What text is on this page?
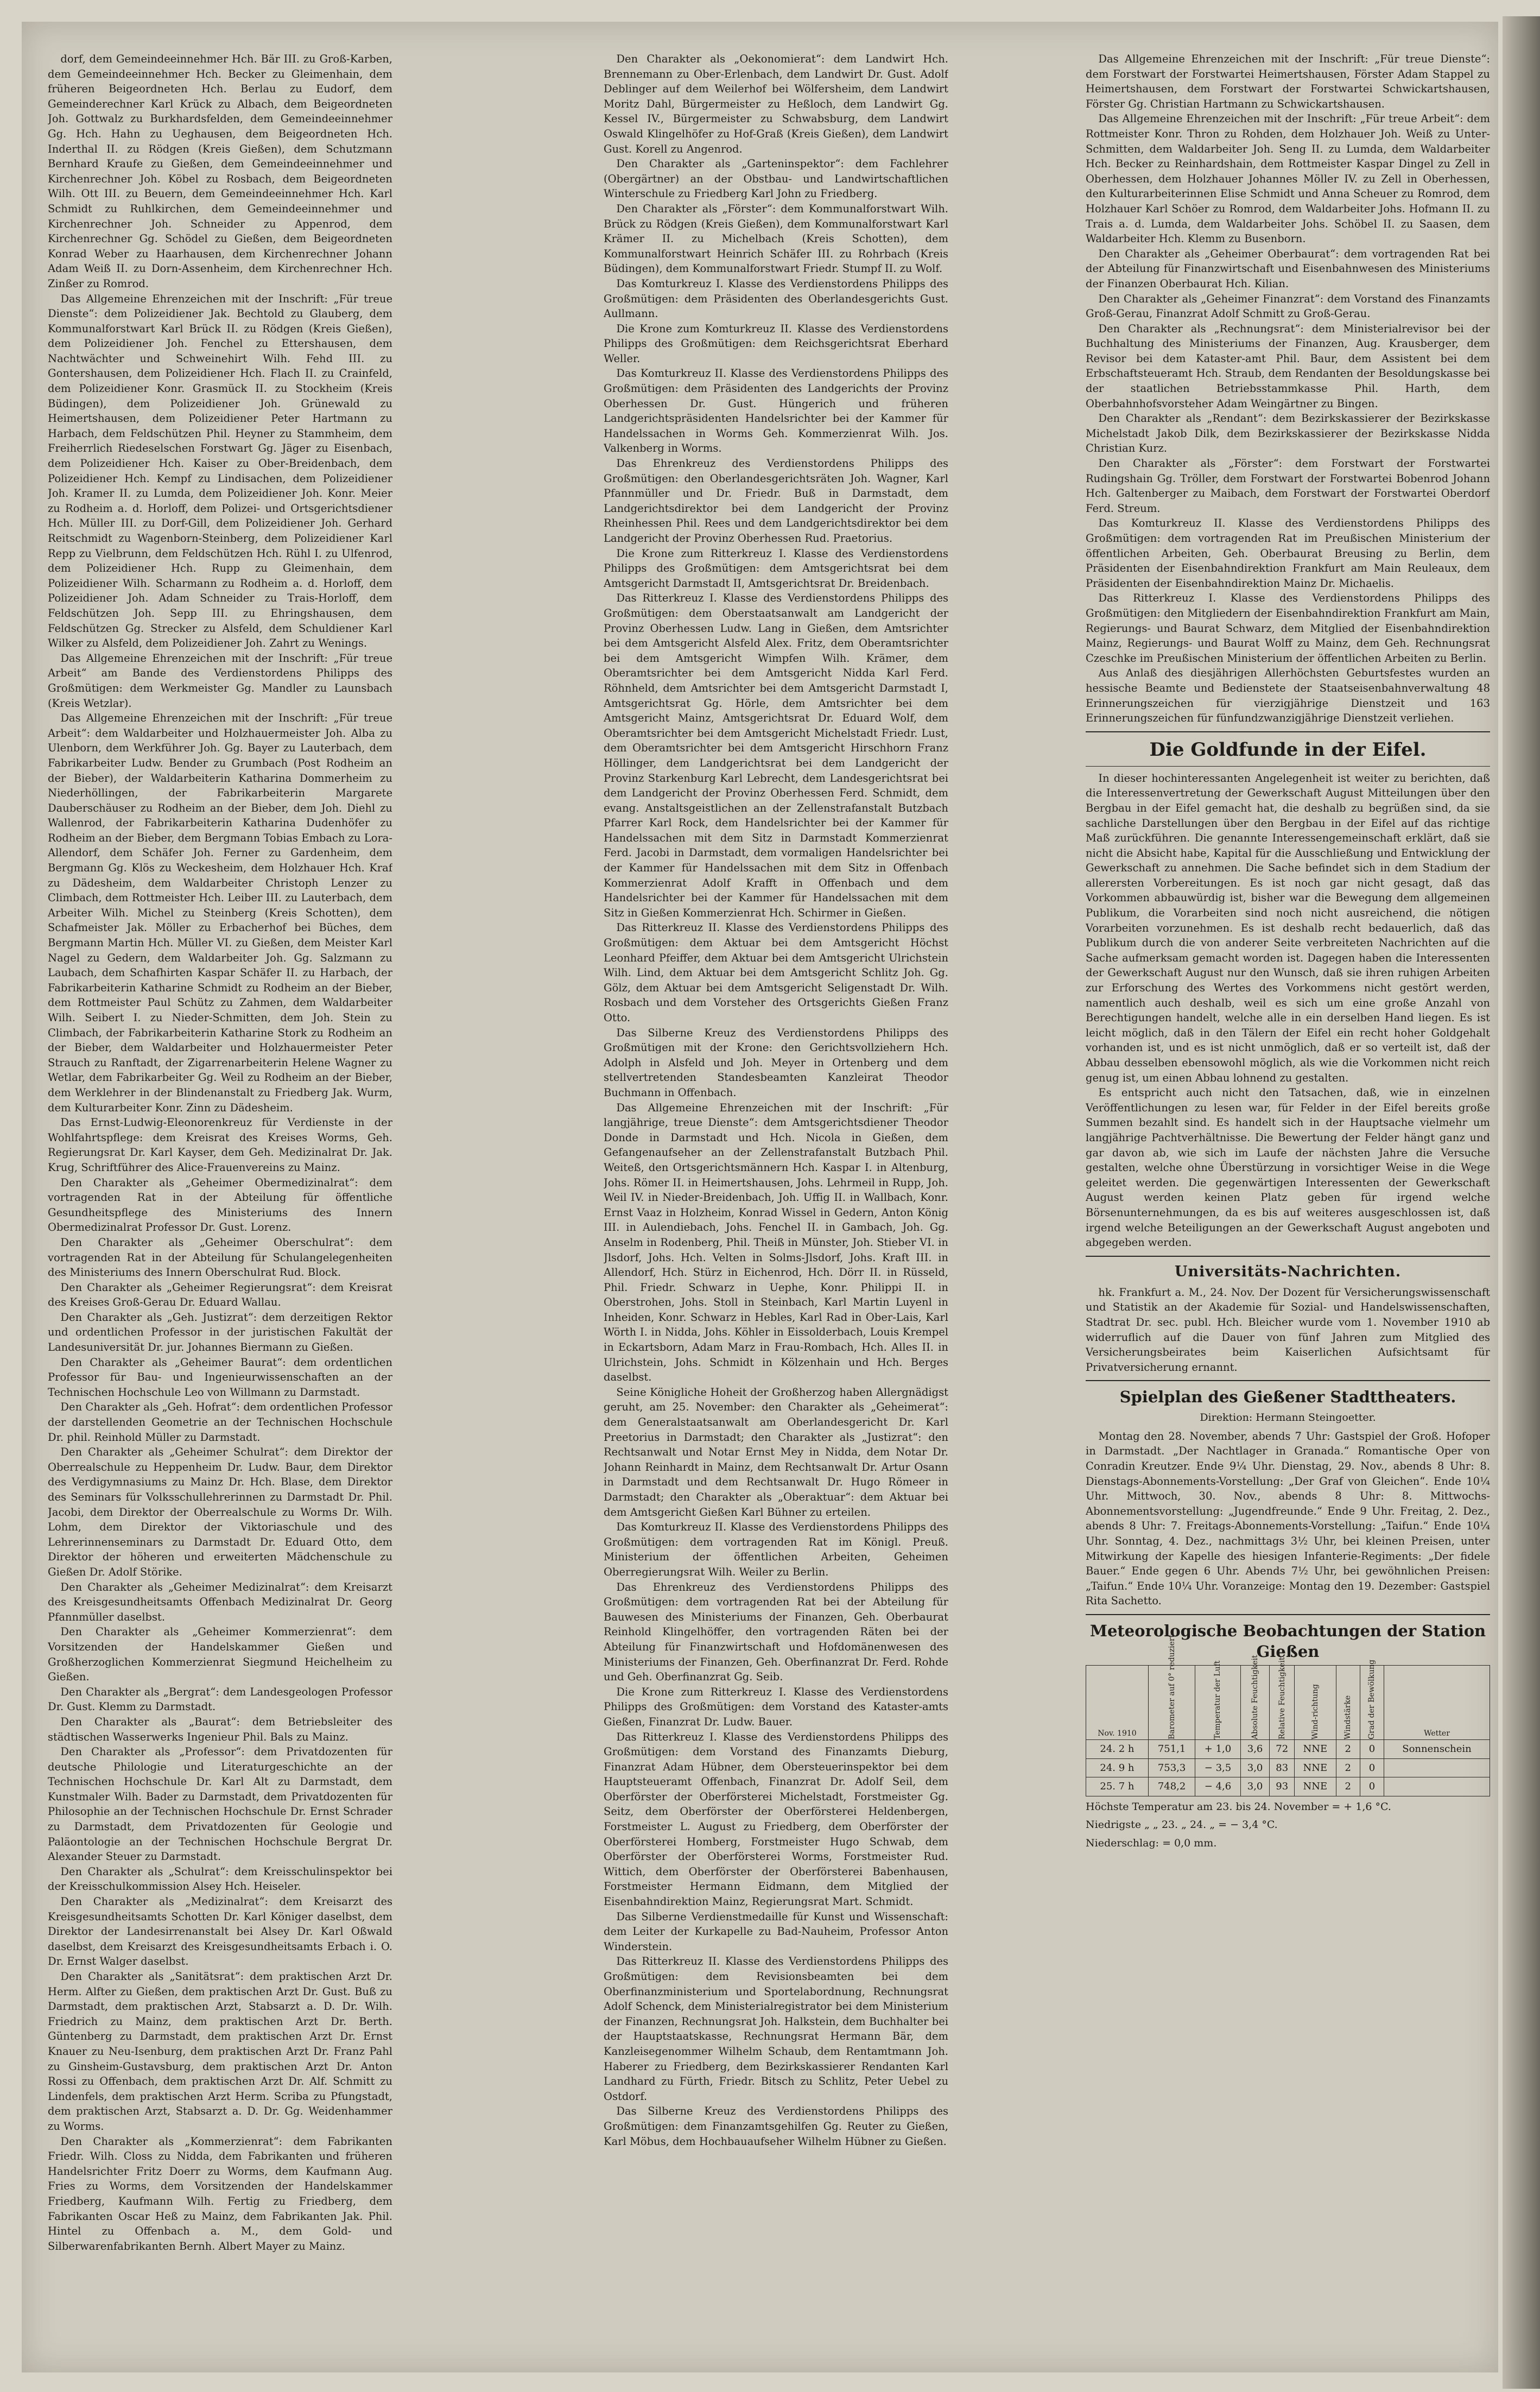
dorf, dem Gemeindeeinnehmer Hch. Bär III. zu Groß-Karben, dem Gemeindeeinnehmer Hch. Becker zu Gleimenhain, dem früheren Beigeordneten Hch. Berlau zu Eudorf, dem Gemeinderechner Karl Krück zu Albach, dem Beigeordneten Joh. Gottwalz zu Burkhardsfelden, dem Gemeindeeinnehmer Gg. Hch. Hahn zu Ueghausen, dem Beigeordneten Hch. Inderthal II. zu Rödgen (Kreis Gießen), dem Schutzmann Bernhard Kraufe zu Gießen, dem Gemeindeeinnehmer und Kirchenrechner Joh. Köbel zu Rosbach, dem Beigeordneten Wilh. Ott III. zu Beuern, dem Gemeindeeinnehmer Hch. Karl Schmidt zu Ruhlkirchen, dem Gemeindeeinnehmer und Kirchenrechner Joh. Schneider zu Appenrod, dem Kirchenrechner Gg. Schödel zu Gießen, dem Beigeordneten Konrad Weber zu Haarhausen, dem Kirchenrechner Johann Adam Weiß II. zu Dorn-Assenheim, dem Kirchenrechner Hch. Zinßer zu Romrod.

Das Allgemeine Ehrenzeichen mit der Inschrift: „Für treue Dienste“: dem Polizeidiener Jak. Bechtold zu Glauberg, dem Kommunalforstwart Karl Brück II. zu Rödgen (Kreis Gießen), dem Polizeidiener Joh. Fenchel zu Ettershausen, dem Nachtwächter und Schweinehirt Wilh. Fehd III. zu Gontershausen, dem Polizeidiener Hch. Flach II. zu Crainfeld, dem Polizeidiener Konr. Grasmück II. zu Stockheim (Kreis Büdingen), dem Polizeidiener Joh. Grünewald zu Heimertshausen, dem Polizeidiener Peter Hartmann zu Harbach, dem Feldschützen Phil. Heyner zu Stammheim, dem Freiherrlich Riedeselschen Forstwart Gg. Jäger zu Eisenbach, dem Polizeidiener Hch. Kaiser zu Ober-Breidenbach, dem Polizeidiener Hch. Kempf zu Lindisachen, dem Polizeidiener Joh. Kramer II. zu Lumda, dem Polizeidiener Joh. Konr. Meier zu Rodheim a. d. Horloff, dem Polizei- und Ortsgerichtsdiener Hch. Müller III. zu Dorf-Gill, dem Polizeidiener Joh. Gerhard Reitschmidt zu Wagenborn-Steinberg, dem Polizeidiener Karl Repp zu Vielbrunn, dem Feldschützen Hch. Rühl I. zu Ulfenrod, dem Polizeidiener Hch. Rupp zu Gleimenhain, dem Polizeidiener Wilh. Scharmann zu Rodheim a. d. Horloff, dem Polizeidiener Joh. Adam Schneider zu Trais-Horloff, dem Feldschützen Joh. Sepp III. zu Ehringshausen, dem Feldschützen Gg. Strecker zu Alsfeld, dem Schuldiener Karl Wilker zu Alsfeld, dem Polizeidiener Joh. Zahrt zu Wenings.

Das Allgemeine Ehrenzeichen mit der Inschrift: „Für treue Arbeit“ am Bande des Verdienstordens Philipps des Großmütigen: dem Werkmeister Gg. Mandler zu Launsbach (Kreis Wetzlar).

Das Allgemeine Ehrenzeichen mit der Inschrift: „Für treue Arbeit“: dem Waldarbeiter und Holzhauermeister Joh. Alba zu Ulenborn, dem Werkführer Joh. Gg. Bayer zu Lauterbach, dem Fabrikarbeiter Ludw. Bender zu Grumbach (Post Rodheim an der Bieber), der Waldarbeiterin Katharina Dommerheim zu Niederhöllingen, der Fabrikarbeiterin Margarete Dauberschäuser zu Rodheim an der Bieber, dem Joh. Diehl zu Wallenrod, der Fabrikarbeiterin Katharina Dudenhöfer zu Rodheim an der Bieber, dem Bergmann Tobias Embach zu Lora-Allendorf, dem Schäfer Joh. Ferner zu Gardenheim, dem Bergmann Gg. Klös zu Weckesheim, dem Holzhauer Hch. Kraf zu Dädesheim, dem Waldarbeiter Christoph Lenzer zu Climbach, dem Rottmeister Hch. Leiber III. zu Lauterbach, dem Arbeiter Wilh. Michel zu Steinberg (Kreis Schotten), dem Schafmeister Jak. Möller zu Erbacherhof bei Büches, dem Bergmann Martin Hch. Müller VI. zu Gießen, dem Meister Karl Nagel zu Gedern, dem Waldarbeiter Joh. Gg. Salzmann zu Laubach, dem Schafhirten Kaspar Schäfer II. zu Harbach, der Fabrikarbeiterin Katharine Schmidt zu Rodheim an der Bieber, dem Rottmeister Paul Schütz zu Zahmen, dem Waldarbeiter Wilh. Seibert I. zu Nieder-Schmitten, dem Joh. Stein zu Climbach, der Fabrikarbeiterin Katharine Stork zu Rodheim an der Bieber, dem Waldarbeiter und Holzhauermeister Peter Strauch zu Ranftadt, der Zigarrenarbeiterin Helene Wagner zu Wetlar, dem Fabrikarbeiter Gg. Weil zu Rodheim an der Bieber, dem Werklehrer in der Blindenanstalt zu Friedberg Jak. Wurm, dem Kulturarbeiter Konr. Zinn zu Dädesheim.

Das Ernst-Ludwig-Eleonorenkreuz für Verdienste in der Wohlfahrtspflege: dem Kreisrat des Kreises Worms, Geh. Regierungsrat Dr. Karl Kayser, dem Geh. Medizinalrat Dr. Jak. Krug, Schriftführer des Alice-Frauenvereins zu Mainz.

Den Charakter als „Geheimer Obermedizinalrat“: dem vortragenden Rat in der Abteilung für öffentliche Gesundheitspflege des Ministeriums des Innern Obermedizinalrat Professor Dr. Gust. Lorenz.

Den Charakter als „Geheimer Oberschulrat“: dem vortragenden Rat in der Abteilung für Schulangelegenheiten des Ministeriums des Innern Oberschulrat Rud. Block.

Den Charakter als „Geheimer Regierungsrat“: dem Kreisrat des Kreises Groß-Gerau Dr. Eduard Wallau.

Den Charakter als „Geh. Justizrat“: dem derzeitigen Rektor und ordentlichen Professor in der juristischen Fakultät der Landesuniversität Dr. jur. Johannes Biermann zu Gießen.

Den Charakter als „Geheimer Baurat“: dem ordentlichen Professor für Bau- und Ingenieurwissenschaften an der Technischen Hochschule Leo von Willmann zu Darmstadt.

Den Charakter als „Geh. Hofrat“: dem ordentlichen Professor der darstellenden Geometrie an der Technischen Hochschule Dr. phil. Reinhold Müller zu Darmstadt.

Den Charakter als „Geheimer Schulrat“: dem Direktor der Oberrealschule zu Heppenheim Dr. Ludw. Baur, dem Direktor des Verdigymnasiums zu Mainz Dr. Hch. Blase, dem Direktor des Seminars für Volksschullehrerinnen zu Darmstadt Dr. Phil. Jacobi, dem Direktor der Oberrealschule zu Worms Dr. Wilh. Lohm, dem Direktor der Viktoriaschule und des Lehrerinnenseminars zu Darmstadt Dr. Eduard Otto, dem Direktor der höheren und erweiterten Mädchenschule zu Gießen Dr. Adolf Störike.

Den Charakter als „Geheimer Medizinalrat“: dem Kreisarzt des Kreisgesundheitsamts Offenbach Medizinalrat Dr. Georg Pfannmüller daselbst.

Den Charakter als „Geheimer Kommerzienrat“: dem Vorsitzenden der Handelskammer Gießen und Großherzoglichen Kommerzienrat Siegmund Heichelheim zu Gießen.

Den Charakter als „Bergrat“: dem Landesgeologen Professor Dr. Gust. Klemm zu Darmstadt.

Den Charakter als „Baurat“: dem Betriebsleiter des städtischen Wasserwerks Ingenieur Phil. Bals zu Mainz.

Den Charakter als „Professor“: dem Privatdozenten für deutsche Philologie und Literaturgeschichte an der Technischen Hochschule Dr. Karl Alt zu Darmstadt, dem Kunstmaler Wilh. Bader zu Darmstadt, dem Privatdozenten für Philosophie an der Technischen Hochschule Dr. Ernst Schrader zu Darmstadt, dem Privatdozenten für Geologie und Paläontologie an der Technischen Hochschule Bergrat Dr. Alexander Steuer zu Darmstadt.

Den Charakter als „Schulrat“: dem Kreisschulinspektor bei der Kreisschulkommission Alsey Hch. Heiseler.

Den Charakter als „Medizinalrat“: dem Kreisarzt des Kreisgesundheitsamts Schotten Dr. Karl Königer daselbst, dem Direktor der Landesirrenanstalt bei Alsey Dr. Karl Oßwald daselbst, dem Kreisarzt des Kreisgesundheitsamts Erbach i. O. Dr. Ernst Walger daselbst.

Den Charakter als „Sanitätsrat“: dem praktischen Arzt Dr. Herm. Alfter zu Gießen, dem praktischen Arzt Dr. Gust. Buß zu Darmstadt, dem praktischen Arzt, Stabsarzt a. D. Dr. Wilh. Friedrich zu Mainz, dem praktischen Arzt Dr. Berth. Güntenberg zu Darmstadt, dem praktischen Arzt Dr. Ernst Knauer zu Neu-Isenburg, dem praktischen Arzt Dr. Franz Pahl zu Ginsheim-Gustavsburg, dem praktischen Arzt Dr. Anton Rossi zu Offenbach, dem praktischen Arzt Dr. Alf. Schmitt zu Lindenfels, dem praktischen Arzt Herm. Scriba zu Pfungstadt, dem praktischen Arzt, Stabsarzt a. D. Dr. Gg. Weidenhammer zu Worms.

Den Charakter als „Kommerzienrat“: dem Fabrikanten Friedr. Wilh. Closs zu Nidda, dem Fabrikanten und früheren Handelsrichter Fritz Doerr zu Worms, dem Kaufmann Aug. Fries zu Worms, dem Vorsitzenden der Handelskammer Friedberg, Kaufmann Wilh. Fertig zu Friedberg, dem Fabrikanten Oscar Heß zu Mainz, dem Fabrikanten Jak. Phil. Hintel zu Offenbach a. M., dem Gold- und Silberwarenfabrikanten Bernh. Albert Mayer zu Mainz.

Den Charakter als „Oekonomierat“: dem Landwirt Hch. Brennemann zu Ober-Erlenbach, dem Landwirt Dr. Gust. Adolf Deblinger auf dem Weilerhof bei Wölfersheim, dem Landwirt Moritz Dahl, Bürgermeister zu Heßloch, dem Landwirt Gg. Kessel IV., Bürgermeister zu Schwabsburg, dem Landwirt Oswald Klingelhöfer zu Hof-Graß (Kreis Gießen), dem Landwirt Gust. Korell zu Angenrod.

Den Charakter als „Garteninspektor“: dem Fachlehrer (Obergärtner) an der Obstbau- und Landwirtschaftlichen Winterschule zu Friedberg Karl John zu Friedberg.

Den Charakter als „Förster“: dem Kommunalforstwart Wilh. Brück zu Rödgen (Kreis Gießen), dem Kommunalforstwart Karl Krämer II. zu Michelbach (Kreis Schotten), dem Kommunalforstwart Heinrich Schäfer III. zu Rohrbach (Kreis Büdingen), dem Kommunalforstwart Friedr. Stumpf II. zu Wolf.

Das Komturkreuz I. Klasse des Verdienstordens Philipps des Großmütigen: dem Präsidenten des Oberlandesgerichts Gust. Aullmann.

Die Krone zum Komturkreuz II. Klasse des Verdienstordens Philipps des Großmütigen: dem Reichsgerichtsrat Eberhard Weller.

Das Komturkreuz II. Klasse des Verdienstordens Philipps des Großmütigen: dem Präsidenten des Landgerichts der Provinz Oberhessen Dr. Gust. Hüngerich und früheren Landgerichtspräsidenten Handelsrichter bei der Kammer für Handelssachen in Worms Geh. Kommerzienrat Wilh. Jos. Valkenberg in Worms.

Das Ehrenkreuz des Verdienstordens Philipps des Großmütigen: den Oberlandesgerichtsräten Joh. Wagner, Karl Pfannmüller und Dr. Friedr. Buß in Darmstadt, dem Landgerichtsdirektor bei dem Landgericht der Provinz Rheinhessen Phil. Rees und dem Landgerichtsdirektor bei dem Landgericht der Provinz Oberhessen Rud. Praetorius.

Die Krone zum Ritterkreuz I. Klasse des Verdienstordens Philipps des Großmütigen: dem Amtsgerichtsrat bei dem Amtsgericht Darmstadt II, Amtsgerichtsrat Dr. Breidenbach.

Das Ritterkreuz I. Klasse des Verdienstordens Philipps des Großmütigen: dem Oberstaatsanwalt am Landgericht der Provinz Oberhessen Ludw. Lang in Gießen, dem Amtsrichter bei dem Amtsgericht Alsfeld Alex. Fritz, dem Oberamtsrichter bei dem Amtsgericht Wimpfen Wilh. Krämer, dem Oberamtsrichter bei dem Amtsgericht Nidda Karl Ferd. Röhnheld, dem Amtsrichter bei dem Amtsgericht Darmstadt I, Amtsgerichtsrat Gg. Hörle, dem Amtsrichter bei dem Amtsgericht Mainz, Amtsgerichtsrat Dr. Eduard Wolf, dem Oberamtsrichter bei dem Amtsgericht Michelstadt Friedr. Lust, dem Oberamtsrichter bei dem Amtsgericht Hirschhorn Franz Höllinger, dem Landgerichtsrat bei dem Landgericht der Provinz Starkenburg Karl Lebrecht, dem Landesgerichtsrat bei dem Landgericht der Provinz Oberhessen Ferd. Schmidt, dem evang. Anstaltsgeistlichen an der Zellenstrafanstalt Butzbach Pfarrer Karl Rock, dem Handelsrichter bei der Kammer für Handelssachen mit dem Sitz in Darmstadt Kommerzienrat Ferd. Jacobi in Darmstadt, dem vormaligen Handelsrichter bei der Kammer für Handelssachen mit dem Sitz in Offenbach Kommerzienrat Adolf Krafft in Offenbach und dem Handelsrichter bei der Kammer für Handelssachen mit dem Sitz in Gießen Kommerzienrat Hch. Schirmer in Gießen.

Das Ritterkreuz II. Klasse des Verdienstordens Philipps des Großmütigen: dem Aktuar bei dem Amtsgericht Höchst Leonhard Pfeiffer, dem Aktuar bei dem Amtsgericht Ulrichstein Wilh. Lind, dem Aktuar bei dem Amtsgericht Schlitz Joh. Gg. Gölz, dem Aktuar bei dem Amtsgericht Seligenstadt Dr. Wilh. Rosbach und dem Vorsteher des Ortsgerichts Gießen Franz Otto.

Das Silberne Kreuz des Verdienstordens Philipps des Großmütigen mit der Krone: den Gerichtsvollziehern Hch. Adolph in Alsfeld und Joh. Meyer in Ortenberg und dem stellvertretenden Standesbeamten Kanzleirat Theodor Buchmann in Offenbach.

Das Allgemeine Ehrenzeichen mit der Inschrift: „Für langjährige, treue Dienste“: dem Amtsgerichtsdiener Theodor Donde in Darmstadt und Hch. Nicola in Gießen, dem Gefangenaufseher an der Zellenstrafanstalt Butzbach Phil. Weiteß, den Ortsgerichtsmännern Hch. Kaspar I. in Altenburg, Johs. Römer II. in Heimertshausen, Johs. Lehrmeil in Rupp, Joh. Weil IV. in Nieder-Breidenbach, Joh. Uffig II. in Wallbach, Konr. Ernst Vaaz in Holzheim, Konrad Wissel in Gedern, Anton König III. in Aulendiebach, Johs. Fenchel II. in Gambach, Joh. Gg. Anselm in Rodenberg, Phil. Theiß in Münster, Joh. Stieber VI. in Jlsdorf, Johs. Hch. Velten in Solms-Jlsdorf, Johs. Kraft III. in Allendorf, Hch. Stürz in Eichenrod, Hch. Dörr II. in Rüsseld, Phil. Friedr. Schwarz in Uephe, Konr. Philippi II. in Oberstrohen, Johs. Stoll in Steinbach, Karl Martin Luyenl in Inheiden, Konr. Schwarz in Hebles, Karl Rad in Ober-Lais, Karl Wörth I. in Nidda, Johs. Köhler in Eissolderbach, Louis Krempel in Eckartsborn, Adam Marz in Frau-Rombach, Hch. Alles II. in Ulrichstein, Johs. Schmidt in Kölzenhain und Hch. Berges daselbst.

Seine Königliche Hoheit der Großherzog haben Allergnädigst geruht, am 25. November: den Charakter als „Geheimerat“: dem Generalstaatsanwalt am Oberlandesgericht Dr. Karl Preetorius in Darmstadt; den Charakter als „Justizrat“: den Rechtsanwalt und Notar Ernst Mey in Nidda, dem Notar Dr. Johann Reinhardt in Mainz, dem Rechtsanwalt Dr. Artur Osann in Darmstadt und dem Rechtsanwalt Dr. Hugo Römeer in Darmstadt; den Charakter als „Oberaktuar“: dem Aktuar bei dem Amtsgericht Gießen Karl Bühner zu erteilen.

Das Komturkreuz II. Klasse des Verdienstordens Philipps des Großmütigen: dem vortragenden Rat im Königl. Preuß. Ministerium der öffentlichen Arbeiten, Geheimen Oberregierungsrat Wilh. Weiler zu Berlin.

Das Ehrenkreuz des Verdienstordens Philipps des Großmütigen: dem vortragenden Rat bei der Abteilung für Bauwesen des Ministeriums der Finanzen, Geh. Oberbaurat Reinhold Klingelhöffer, den vortragenden Räten bei der Abteilung für Finanzwirtschaft und Hofdomänenwesen des Ministeriums der Finanzen, Geh. Oberfinanzrat Dr. Ferd. Rohde und Geh. Oberfinanzrat Gg. Seib.

Die Krone zum Ritterkreuz I. Klasse des Verdienstordens Philipps des Großmütigen: dem Vorstand des Kataster-amts Gießen, Finanzrat Dr. Ludw. Bauer.

Das Ritterkreuz I. Klasse des Verdienstordens Philipps des Großmütigen: dem Vorstand des Finanzamts Dieburg, Finanzrat Adam Hübner, dem Obersteuerinspektor bei dem Hauptsteueramt Offenbach, Finanzrat Dr. Adolf Seil, dem Oberförster der Oberförsterei Michelstadt, Forstmeister Gg. Seitz, dem Oberförster der Oberförsterei Heldenbergen, Forstmeister L. August zu Friedberg, dem Oberförster der Oberförsterei Homberg, Forstmeister Hugo Schwab, dem Oberförster der Oberförsterei Worms, Forstmeister Rud. Wittich, dem Oberförster der Oberförsterei Babenhausen, Forstmeister Hermann Eidmann, dem Mitglied der Eisenbahndirektion Mainz, Regierungsrat Mart. Schmidt.

Das Silberne Verdienstmedaille für Kunst und Wissenschaft: dem Leiter der Kurkapelle zu Bad-Nauheim, Professor Anton Winderstein.

Das Ritterkreuz II. Klasse des Verdienstordens Philipps des Großmütigen: dem Revisionsbeamten bei dem Oberfinanzministerium und Sportelabordnung, Rechnungsrat Adolf Schenck, dem Ministerialregistrator bei dem Ministerium der Finanzen, Rechnungsrat Joh. Halkstein, dem Buchhalter bei der Hauptstaatskasse, Rechnungsrat Hermann Bär, dem Kanzleisegenommer Wilhelm Schaub, dem Rentamtmann Joh. Haberer zu Friedberg, dem Bezirkskassierer Rendanten Karl Landhard zu Fürth, Friedr. Bitsch zu Schlitz, Peter Uebel zu Ostdorf.

Das Silberne Kreuz des Verdienstordens Philipps des Großmütigen: dem Finanzamtsgehilfen Gg. Reuter zu Gießen, Karl Möbus, dem Hochbauaufseher Wilhelm Hübner zu Gießen.

Das Allgemeine Ehrenzeichen mit der Inschrift: „Für treue Dienste“: dem Forstwart der Forstwartei Heimertshausen, Förster Adam Stappel zu Heimertshausen, dem Forstwart der Forstwartei Schwickartshausen, Förster Gg. Christian Hartmann zu Schwickartshausen.

Das Allgemeine Ehrenzeichen mit der Inschrift: „Für treue Arbeit“: dem Rottmeister Konr. Thron zu Rohden, dem Holzhauer Joh. Weiß zu Unter-Schmitten, dem Waldarbeiter Joh. Seng II. zu Lumda, dem Waldarbeiter Hch. Becker zu Reinhardshain, dem Rottmeister Kaspar Dingel zu Zell in Oberhessen, dem Holzhauer Johannes Möller IV. zu Zell in Oberhessen, den Kulturarbeiterinnen Elise Schmidt und Anna Scheuer zu Romrod, dem Holzhauer Karl Schöer zu Romrod, dem Waldarbeiter Johs. Hofmann II. zu Trais a. d. Lumda, dem Waldarbeiter Johs. Schöbel II. zu Saasen, dem Waldarbeiter Hch. Klemm zu Busenborn.

Den Charakter als „Geheimer Oberbaurat“: dem vortragenden Rat bei der Abteilung für Finanzwirtschaft und Eisenbahnwesen des Ministeriums der Finanzen Oberbaurat Hch. Kilian.

Den Charakter als „Geheimer Finanzrat“: dem Vorstand des Finanzamts Groß-Gerau, Finanzrat Adolf Schmitt zu Groß-Gerau.

Den Charakter als „Rechnungsrat“: dem Ministerialrevisor bei der Buchhaltung des Ministeriums der Finanzen, Aug. Krausberger, dem Revisor bei dem Kataster-amt Phil. Baur, dem Assistent bei dem Erbschaftsteueramt Hch. Straub, dem Rendanten der Besoldungskasse bei der staatlichen Betriebsstammkasse Phil. Harth, dem Oberbahnhofsvorsteher Adam Weingärtner zu Bingen.

Den Charakter als „Rendant“: dem Bezirkskassierer der Bezirkskasse Michelstadt Jakob Dilk, dem Bezirkskassierer der Bezirkskasse Nidda Christian Kurz.

Den Charakter als „Förster“: dem Forstwart der Forstwartei Rudingshain Gg. Tröller, dem Forstwart der Forstwartei Bobenrod Johann Hch. Galtenberger zu Maibach, dem Forstwart der Forstwartei Oberdorf Ferd. Streum.

Das Komturkreuz II. Klasse des Verdienstordens Philipps des Großmütigen: dem vortragenden Rat im Preußischen Ministerium der öffentlichen Arbeiten, Geh. Oberbaurat Breusing zu Berlin, dem Präsidenten der Eisenbahndirektion Frankfurt am Main Reuleaux, dem Präsidenten der Eisenbahndirektion Mainz Dr. Michaelis.

Das Ritterkreuz I. Klasse des Verdienstordens Philipps des Großmütigen: den Mitgliedern der Eisenbahndirektion Frankfurt am Main, Regierungs- und Baurat Schwarz, dem Mitglied der Eisenbahndirektion Mainz, Regierungs- und Baurat Wolff zu Mainz, dem Geh. Rechnungsrat Czeschke im Preußischen Ministerium der öffentlichen Arbeiten zu Berlin.

Aus Anlaß des diesjährigen Allerhöchsten Geburtsfestes wurden an hessische Beamte und Bedienstete der Staatseisenbahnverwaltung 48 Erinnerungszeichen für vierzigjährige Dienstzeit und 163 Erinnerungszeichen für fünfundzwanzigjährige Dienstzeit verliehen.

Die Goldfunde in der Eifel.

In dieser hochinteressanten Angelegenheit ist weiter zu berichten, daß die Interessenvertretung der Gewerkschaft August Mitteilungen über den Bergbau in der Eifel gemacht hat, die deshalb zu begrüßen sind, da sie sachliche Darstellungen über den Bergbau in der Eifel auf das richtige Maß zurückführen. Die genannte Interessengemeinschaft erklärt, daß sie nicht die Absicht habe, Kapital für die Ausschließung und Entwicklung der Gewerkschaft zu annehmen. Die Sache befindet sich in dem Stadium der allerersten Vorbereitungen. Es ist noch gar nicht gesagt, daß das Vorkommen abbauwürdig ist, bisher war die Bewegung dem allgemeinen Publikum, die Vorarbeiten sind noch nicht ausreichend, die nötigen Vorarbeiten vorzunehmen. Es ist deshalb recht bedauerlich, daß das Publikum durch die von anderer Seite verbreiteten Nachrichten auf die Sache aufmerksam gemacht worden ist. Dagegen haben die Interessenten der Gewerkschaft August nur den Wunsch, daß sie ihren ruhigen Arbeiten zur Erforschung des Wertes des Vorkommens nicht gestört werden, namentlich auch deshalb, weil es sich um eine große Anzahl von Berechtigungen handelt, welche alle in ein derselben Hand liegen. Es ist leicht möglich, daß in den Tälern der Eifel ein recht hoher Goldgehalt vorhanden ist, und es ist nicht unmöglich, daß er so verteilt ist, daß der Abbau desselben ebensowohl möglich, als wie die Vorkommen nicht reich genug ist, um einen Abbau lohnend zu gestalten.

Es entspricht auch nicht den Tatsachen, daß, wie in einzelnen Veröffentlichungen zu lesen war, für Felder in der Eifel bereits große Summen bezahlt sind. Es handelt sich in der Hauptsache vielmehr um langjährige Pachtverhältnisse. Die Bewertung der Felder hängt ganz und gar davon ab, wie sich im Laufe der nächsten Jahre die Versuche gestalten, welche ohne Überstürzung in vorsichtiger Weise in die Wege geleitet werden. Die gegenwärtigen Interessenten der Gewerkschaft August werden keinen Platz geben für irgend welche Börsenunternehmungen, da es bis auf weiteres ausgeschlossen ist, daß irgend welche Beteiligungen an der Gewerkschaft August angeboten und abgegeben werden.

Universitäts-Nachrichten.

hk. Frankfurt a. M., 24. Nov. Der Dozent für Versicherungswissenschaft und Statistik an der Akademie für Sozial- und Handelswissenschaften, Stadtrat Dr. sec. publ. Hch. Bleicher wurde vom 1. November 1910 ab widerruflich auf die Dauer von fünf Jahren zum Mitglied des Versicherungsbeirates beim Kaiserlichen Aufsichtsamt für Privatversicherung ernannt.

Spielplan des Gießener Stadttheaters.
Direktion: Hermann Steingoetter.

Montag den 28. November, abends 7 Uhr: Gastspiel der Groß. Hofoper in Darmstadt. „Der Nachtlager in Granada.“ Romantische Oper von Conradin Kreutzer. Ende 9¼ Uhr. Dienstag, 29. Nov., abends 8 Uhr: 8. Dienstags-Abonnements-Vorstellung: „Der Graf von Gleichen“. Ende 10¼ Uhr. Mittwoch, 30. Nov., abends 8 Uhr: 8. Mittwochs-Abonnementsvorstellung: „Jugendfreunde.“ Ende 9 Uhr. Freitag, 2. Dez., abends 8 Uhr: 7. Freitags-Abonnements-Vorstellung: „Taifun.“ Ende 10¼ Uhr. Sonntag, 4. Dez., nachmittags 3½ Uhr, bei kleinen Preisen, unter Mitwirkung der Kapelle des hiesigen Infanterie-Regiments: „Der fidele Bauer.“ Ende gegen 6 Uhr. Abends 7½ Uhr, bei gewöhnlichen Preisen: „Taifun.“ Ende 10¼ Uhr. Voranzeige: Montag den 19. Dezember: Gastspiel Rita Sachetto.

Meteorologische Beobachtungen der Station Gießen
Nov. 1910	Barometer auf 0° reduziert	Temperatur der Luft	Absolute Feuchtigkeit	Relative Feuchtigkeit	Wind-richtung	Windstärke	Grad der Bewölkung	Wetter
24. 2 h	751,1	+ 1,0	3,6	72	NNE	2	0	Sonnenschein
24. 9 h	753,3	− 3,5	3,0	83	NNE	2	0	
25. 7 h	748,2	− 4,6	3,0	93	NNE	2	0	
Höchste Temperatur am 23. bis 24. November = + 1,6 °C.
Niedrigste „ „ 23. „ 24. „ = − 3,4 °C.
Niederschlag: = 0,0 mm.
